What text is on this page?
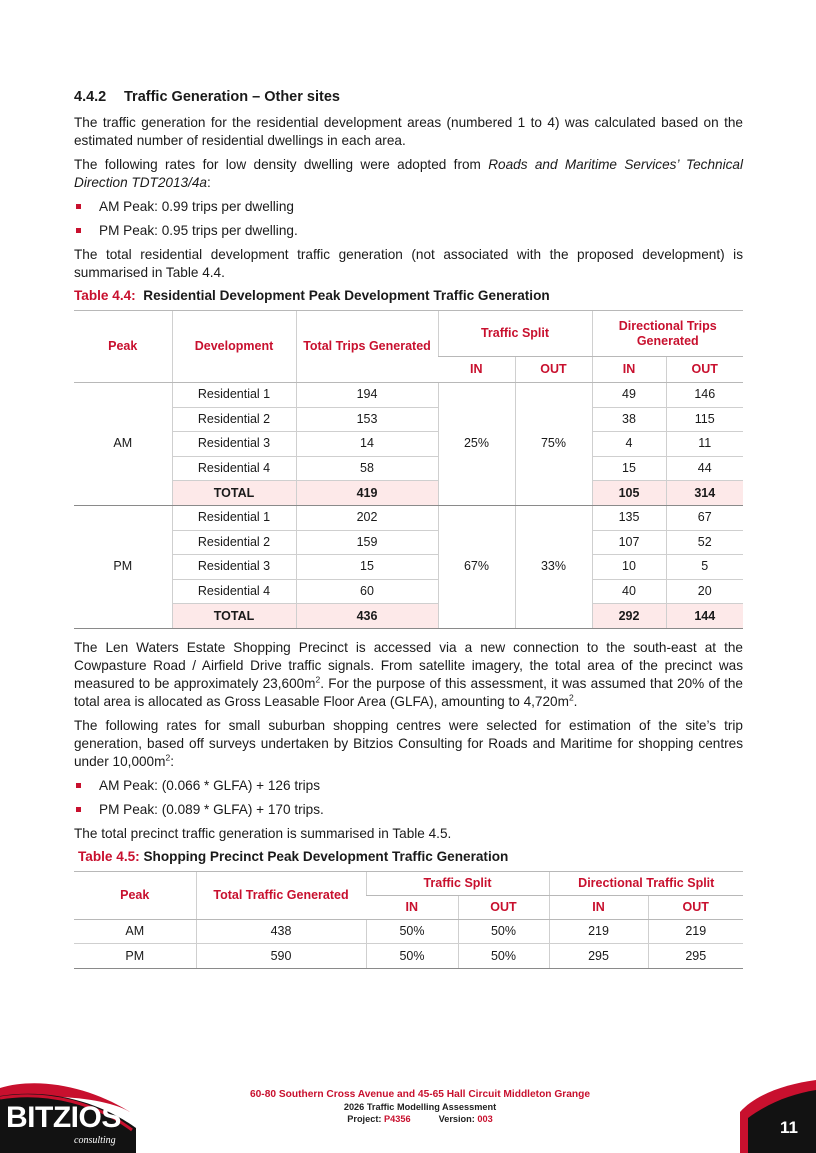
4.4.2 Traffic Generation – Other sites

The traffic generation for the residential development areas (numbered 1 to 4) was calculated based on the estimated number of residential dwellings in each area.

The following rates for low density dwelling were adopted from Roads and Maritime Services’ Technical Direction TDT2013/4a:

AM Peak: 0.99 trips per dwelling
PM Peak: 0.95 trips per dwelling.

The total residential development traffic generation (not associated with the proposed development) is summarised in Table 4.4.

Table 4.4: Residential Development Peak Development Traffic Generation
Peak	Development	Total Trips Generated	Traffic Split		Directional Trips Generated	
			IN	OUT	IN	OUT
AM	Residential 1	194	25%	75%	49	146
	Residential 2	153			38	115
	Residential 3	14			4	11
	Residential 4	58			15	44
	TOTAL	419			105	314
PM	Residential 1	202	67%	33%	135	67
	Residential 2	159			107	52
	Residential 3	15			10	5
	Residential 4	60			40	20
	TOTAL	436			292	144

The Len Waters Estate Shopping Precinct is accessed via a new connection to the south-east at the Cowpasture Road / Airfield Drive traffic signals. From satellite imagery, the total area of the precinct was measured to be approximately $23,600m^2$. For the purpose of this assessment, it was assumed that 20% of the total area is allocated as Gross Leasable Floor Area (GLFA), amounting to $4,720m^2$.

The following rates for small suburban shopping centres were selected for estimation of the site’s trip generation, based off surveys undertaken by Bitzios Consulting for Roads and Maritime for shopping centres under $10,000m^2$:

AM Peak: (0.066 * GLFA) + 126 trips
PM Peak: (0.089 * GLFA) + 170 trips.

The total precinct traffic generation is summarised in Table 4.5.

Table 4.5: Shopping Precinct Peak Development Traffic Generation
Peak	Total Traffic Generated	Traffic Split		Directional Traffic Split	
		IN	OUT	IN	OUT
AM	438	50%	50%	219	219
PM	590	50%	50%	295	295
BITZIOS
consulting
60-80 Southern Cross Avenue and 45-65 Hall Circuit Middleton Grange
2026 Traffic Modelling Assessment
Project: P4356	Version: 003	11
